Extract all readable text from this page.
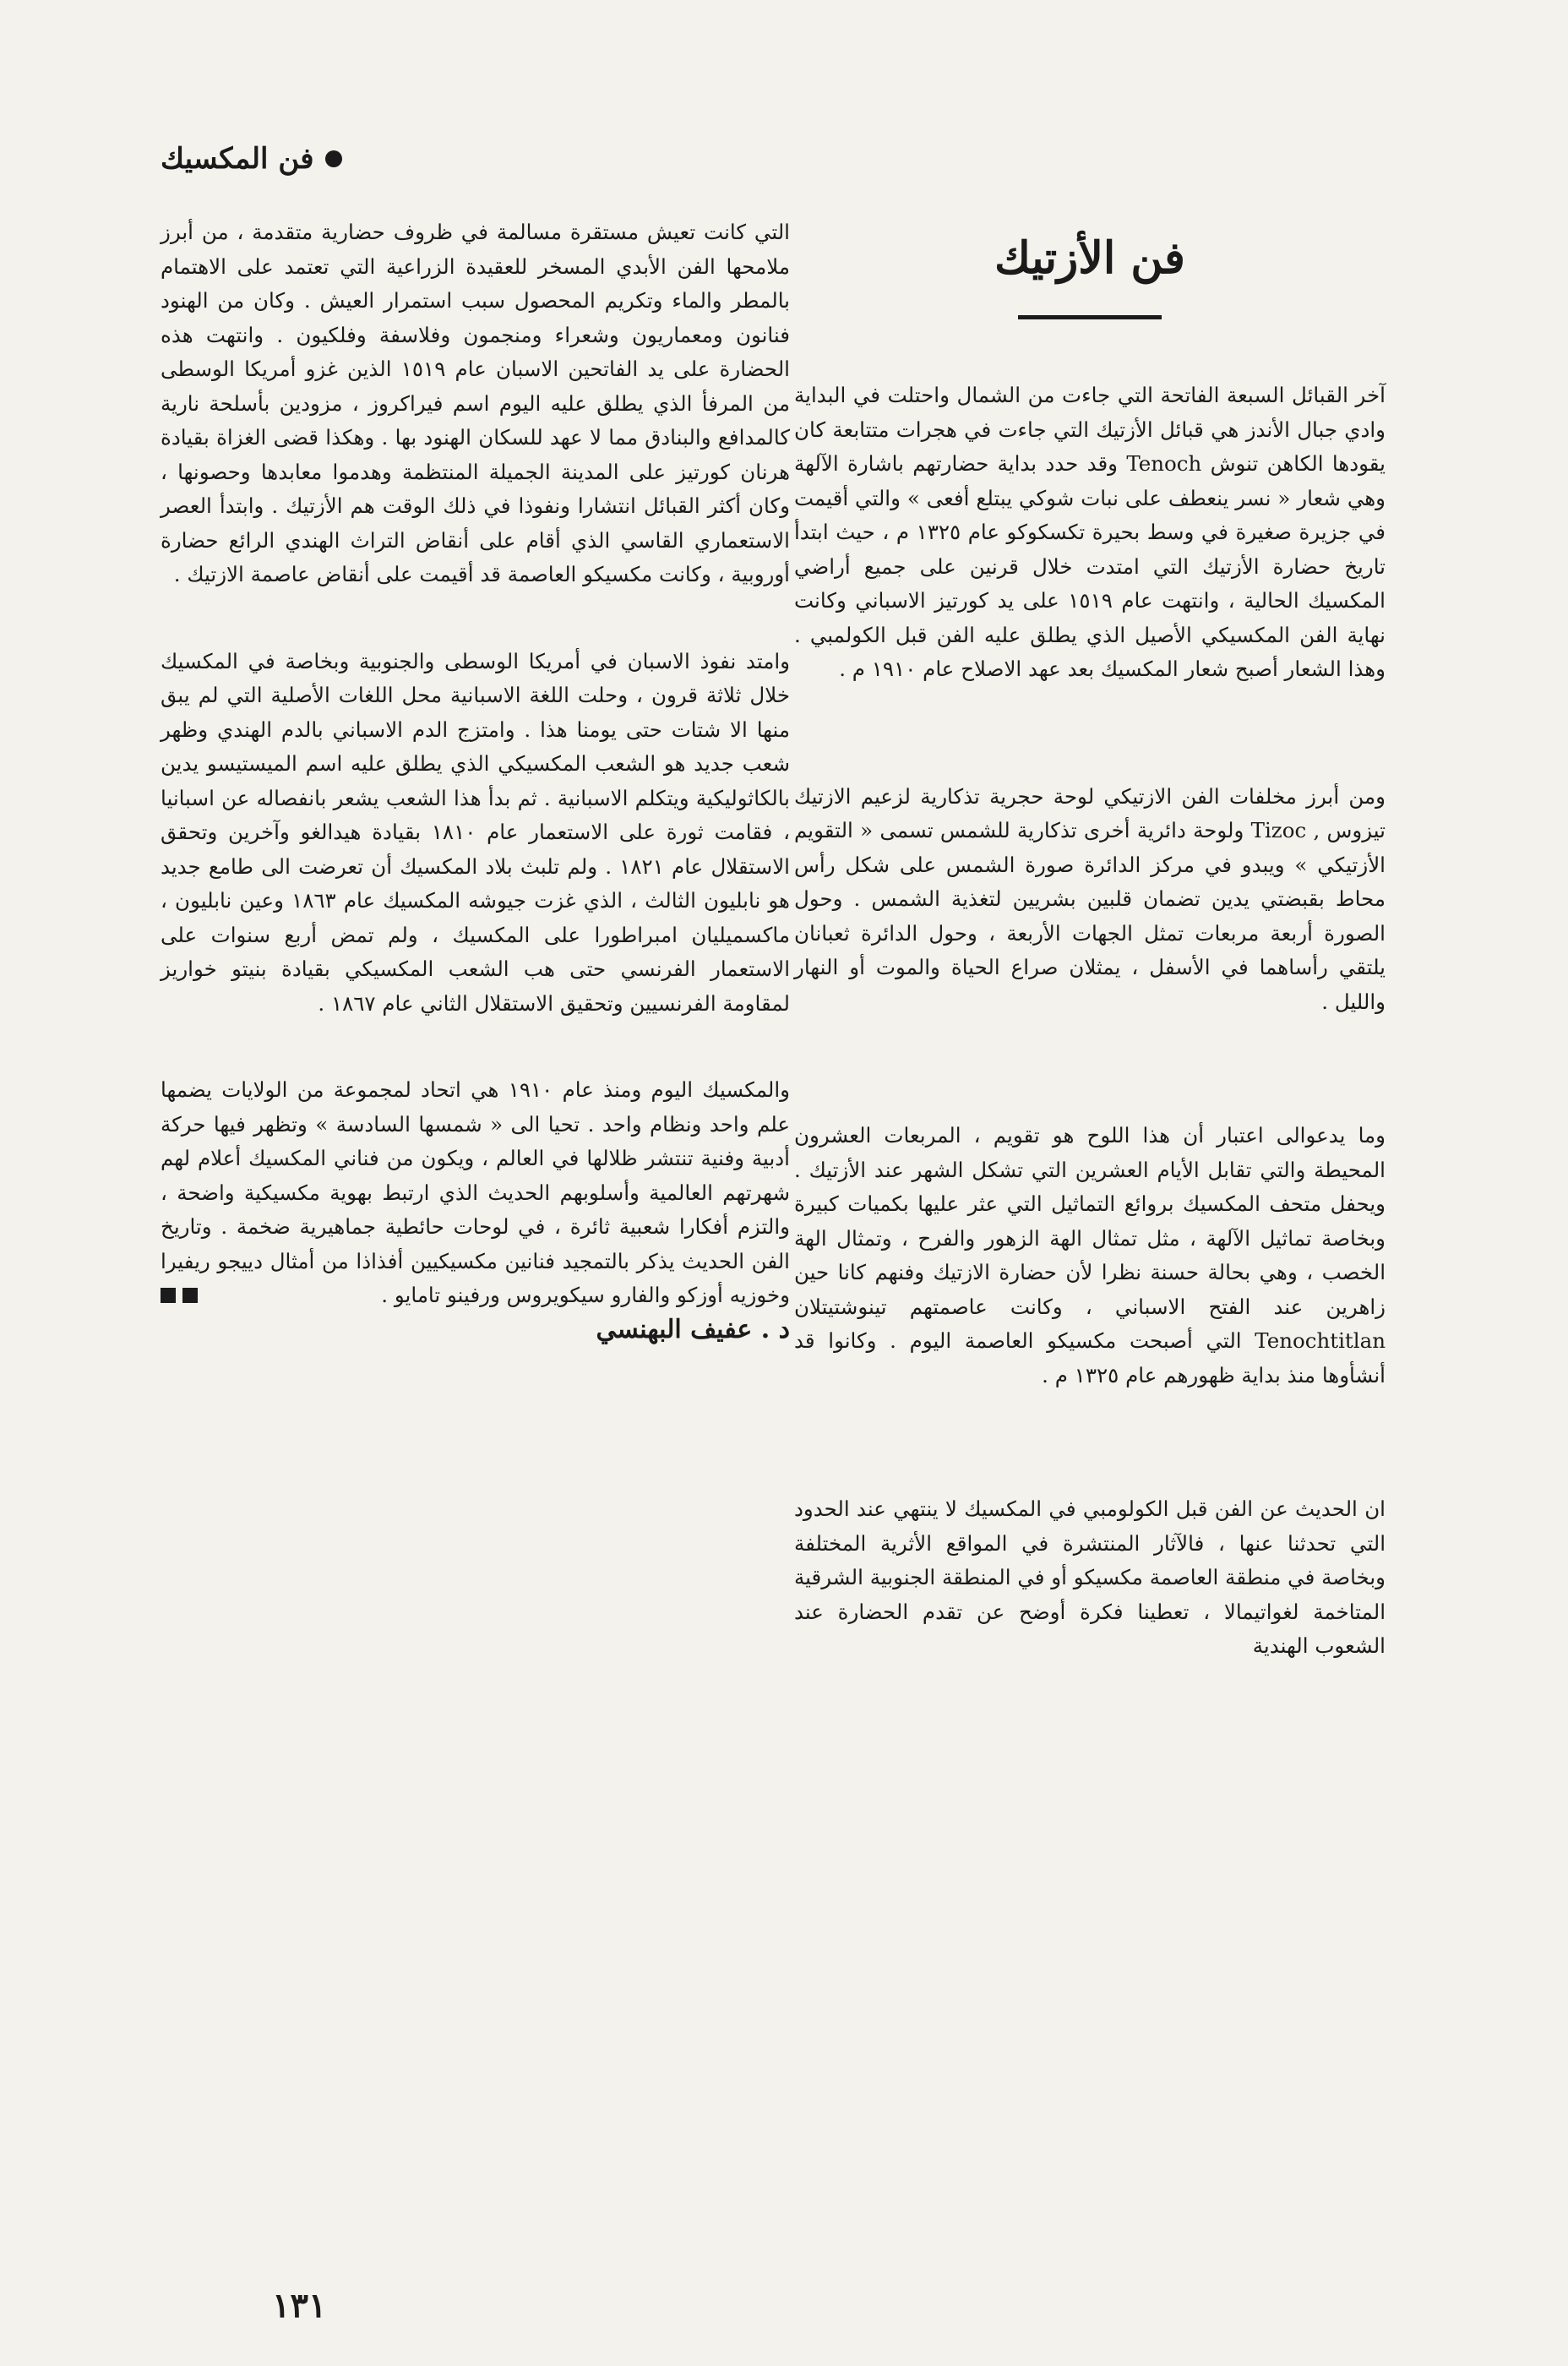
فن المكسيك
فن الأزتيك

آخر القبائل السبعة الفاتحة التي جاءت من الشمال واحتلت في البداية وادي جبال الأندز هي قبائل الأزتيك التي جاءت في هجرات متتابعة كان يقودها الكاهن تنوش Tenoch وقد حدد بداية حضارتهم باشارة الآلهة وهي شعار « نسر ينعطف على نبات شوكي يبتلع أفعى » والتي أقيمت في جزيرة صغيرة في وسط بحيرة تكسكوكو عام ١٣٢٥ م ، حيث ابتدأ تاريخ حضارة الأزتيك التي امتدت خلال قرنين على جميع أراضي المكسيك الحالية ، وانتهت عام ١٥١٩ على يد كورتيز الاسباني وكانت نهاية الفن المكسيكي الأصيل الذي يطلق عليه الفن قبل الكولمبي . وهذا الشعار أصبح شعار المكسيك بعد عهد الاصلاح عام ١٩١٠ م .

ومن أبرز مخلفات الفن الازتيكي لوحة حجرية تذكارية لزعيم الازتيك تيزوس , Tizoc ولوحة دائرية أخرى تذكارية للشمس تسمى « التقويم الأزتيكي » ويبدو في مركز الدائرة صورة الشمس على شكل رأس محاط بقبضتي يدين تضمان قلبين بشريين لتغذية الشمس . وحول الصورة أربعة مربعات تمثل الجهات الأربعة ، وحول الدائرة ثعبانان يلتقي رأساهما في الأسفل ، يمثلان صراع الحياة والموت أو النهار والليل .

وما يدعوالى اعتبار أن هذا اللوح هو تقويم ، المربعات العشرون المحيطة والتي تقابل الأيام العشرين التي تشكل الشهر عند الأزتيك . ويحفل متحف المكسيك بروائع التماثيل التي عثر عليها بكميات كبيرة وبخاصة تماثيل الآلهة ، مثل تمثال الهة الزهور والفرح ، وتمثال الهة الخصب ، وهي بحالة حسنة نظرا لأن حضارة الازتيك وفنهم كانا حين زاهرين عند الفتح الاسباني ، وكانت عاصمتهم تينوشتيتلان Tenochtitlan التي أصبحت مكسيكو العاصمة اليوم . وكانوا قد أنشأوها منذ بداية ظهورهم عام ١٣٢٥ م .

ان الحديث عن الفن قبل الكولومبي في المكسيك لا ينتهي عند الحدود التي تحدثنا عنها ، فالآثار المنتشرة في المواقع الأثرية المختلفة وبخاصة في منطقة العاصمة مكسيكو أو في المنطقة الجنوبية الشرقية المتاخمة لغواتيمالا ، تعطينا فكرة أوضح عن تقدم الحضارة عند الشعوب الهندية

التي كانت تعيش مستقرة مسالمة في ظروف حضارية متقدمة ، من أبرز ملامحها الفن الأبدي المسخر للعقيدة الزراعية التي تعتمد على الاهتمام بالمطر والماء وتكريم المحصول سبب استمرار العيش . وكان من الهنود فنانون ومعماريون وشعراء ومنجمون وفلاسفة وفلكيون . وانتهت هذه الحضارة على يد الفاتحين الاسبان عام ١٥١٩ الذين غزو أمريكا الوسطى من المرفأ الذي يطلق عليه اليوم اسم فيراكروز ، مزودين بأسلحة نارية كالمدافع والبنادق مما لا عهد للسكان الهنود بها . وهكذا قضى الغزاة بقيادة هرنان كورتيز على المدينة الجميلة المنتظمة وهدموا معابدها وحصونها ، وكان أكثر القبائل انتشارا ونفوذا في ذلك الوقت هم الأزتيك . وابتدأ العصر الاستعماري القاسي الذي أقام على أنقاض التراث الهندي الرائع حضارة أوروبية ، وكانت مكسيكو العاصمة قد أقيمت على أنقاض عاصمة الازتيك .

وامتد نفوذ الاسبان في أمريكا الوسطى والجنوبية وبخاصة في المكسيك خلال ثلاثة قرون ، وحلت اللغة الاسبانية محل اللغات الأصلية التي لم يبق منها الا شتات حتى يومنا هذا . وامتزج الدم الاسباني بالدم الهندي وظهر شعب جديد هو الشعب المكسيكي الذي يطلق عليه اسم الميستيسو يدين بالكاثوليكية ويتكلم الاسبانية . ثم بدأ هذا الشعب يشعر بانفصاله عن اسبانيا ، فقامت ثورة على الاستعمار عام ١٨١٠ بقيادة هيدالغو وآخرين وتحقق الاستقلال عام ١٨٢١ . ولم تلبث بلاد المكسيك أن تعرضت الى طامع جديد هو نابليون الثالث ، الذي غزت جيوشه المكسيك عام ١٨٦٣ وعين نابليون ، ماكسميليان امبراطورا على المكسيك ، ولم تمض أربع سنوات على الاستعمار الفرنسي حتى هب الشعب المكسيكي بقيادة بنيتو خواريز لمقاومة الفرنسيين وتحقيق الاستقلال الثاني عام ١٨٦٧ .

والمكسيك اليوم ومنذ عام ١٩١٠ هي اتحاد لمجموعة من الولايات يضمها علم واحد ونظام واحد . تحيا الى « شمسها السادسة » وتظهر فيها حركة أدبية وفنية تنتشر ظلالها في العالم ، ويكون من فناني المكسيك أعلام لهم شهرتهم العالمية وأسلوبهم الحديث الذي ارتبط بهوية مكسيكية واضحة ، والتزم أفكارا شعبية ثائرة ، في لوحات حائطية جماهيرية ضخمة . وتاريخ الفن الحديث يذكر بالتمجيد فنانين مكسيكيين أفذاذا من أمثال دييجو ريفيرا وخوزيه أوزكو والفارو سيكويروس ورفينو تامايو .

د . عفيف البهنسي
١٣١
